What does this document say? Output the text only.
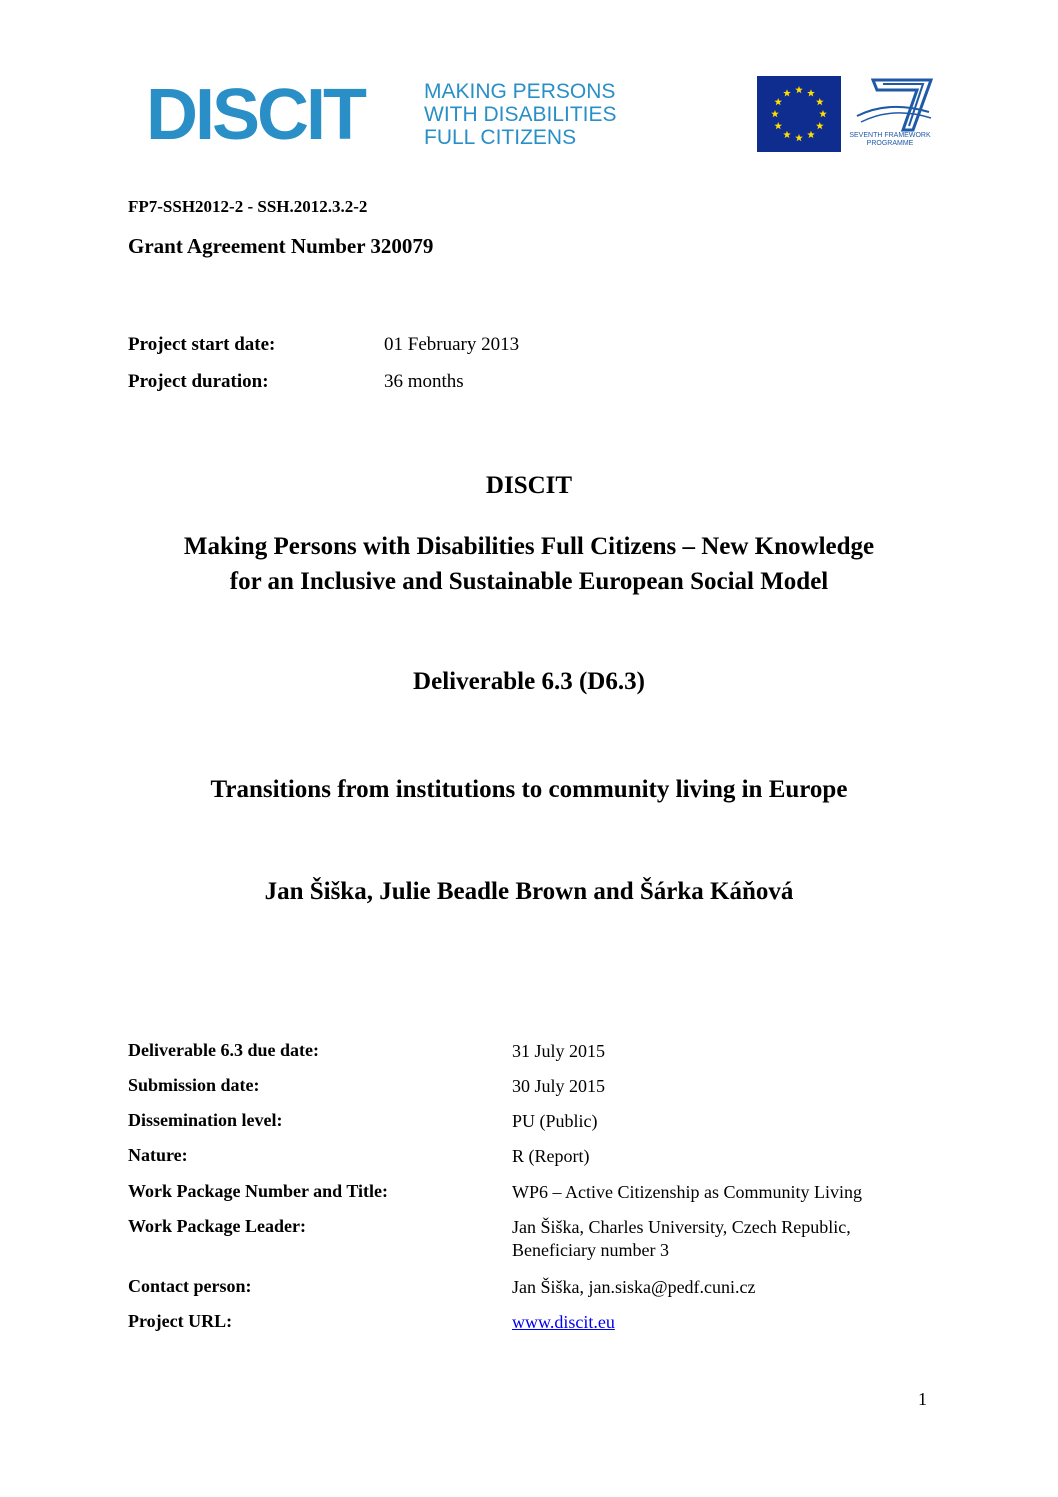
DISCIT	MAKING PERSONS
WITH DISABILITIES
FULL CITIZENS	SEVENTH FRAMEWORK
PROGRAMME
FP7-SSH2012-2 - SSH.2012.3.2-2
Grant Agreement Number 320079
Project start date:	01 February 2013
Project duration:	36 months
DISCIT
Making Persons with Disabilities Full Citizens – New Knowledge
for an Inclusive and Sustainable European Social Model
Deliverable 6.3 (D6.3)
Transitions from institutions to community living in Europe
Jan Šiška, Julie Beadle Brown and Šárka Káňová
Deliverable 6.3 due date:	31 July 2015
Submission date:	30 July 2015
Dissemination level:	PU (Public)
Nature:	R (Report)
Work Package Number and Title:	WP6 – Active Citizenship as Community Living
Work Package Leader:	Jan Šiška, Charles University, Czech Republic,
Beneficiary number 3
Contact person:	Jan Šiška, jan.siska@pedf.cuni.cz
Project URL:	www.discit.eu
1
